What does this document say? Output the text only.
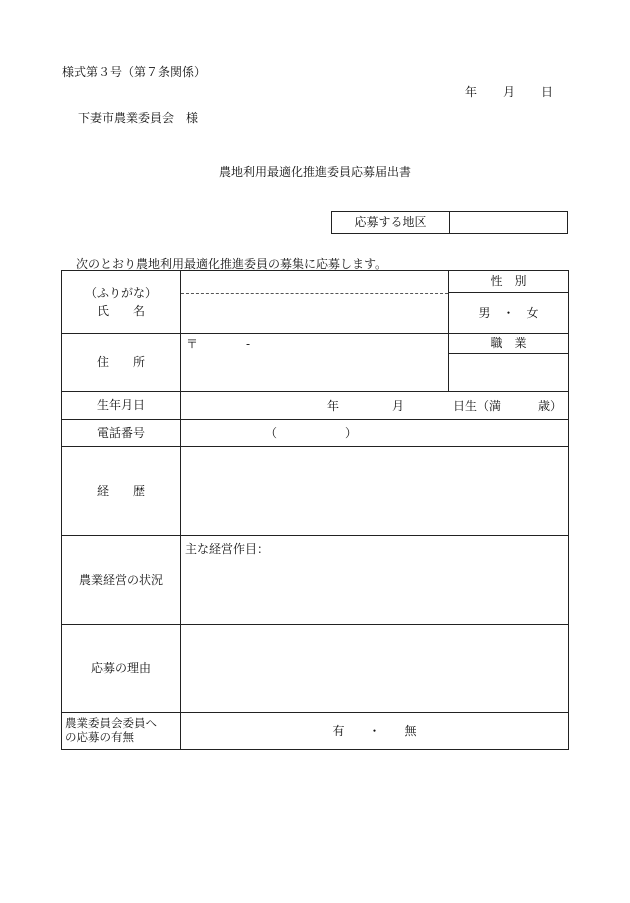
様式第３号（第７条関係）
年 月 日
下妻市農業委員会　様
農地利用最適化推進委員応募届出書
応募する地区
次のとおり農地利用最適化推進委員の募集に応募します。
（ふりがな）
氏　　名		性　別
		男　・　女
住　　所	〒　　　　-	職　業

生年月日	年 月 日生（満 歳）	

電話番号	（ ）	

経　　歴		
農業経営の状況	主な経営作目：	
応募の理由		

農業委員会委員へ
の応募の有無	有　　・　　無	
